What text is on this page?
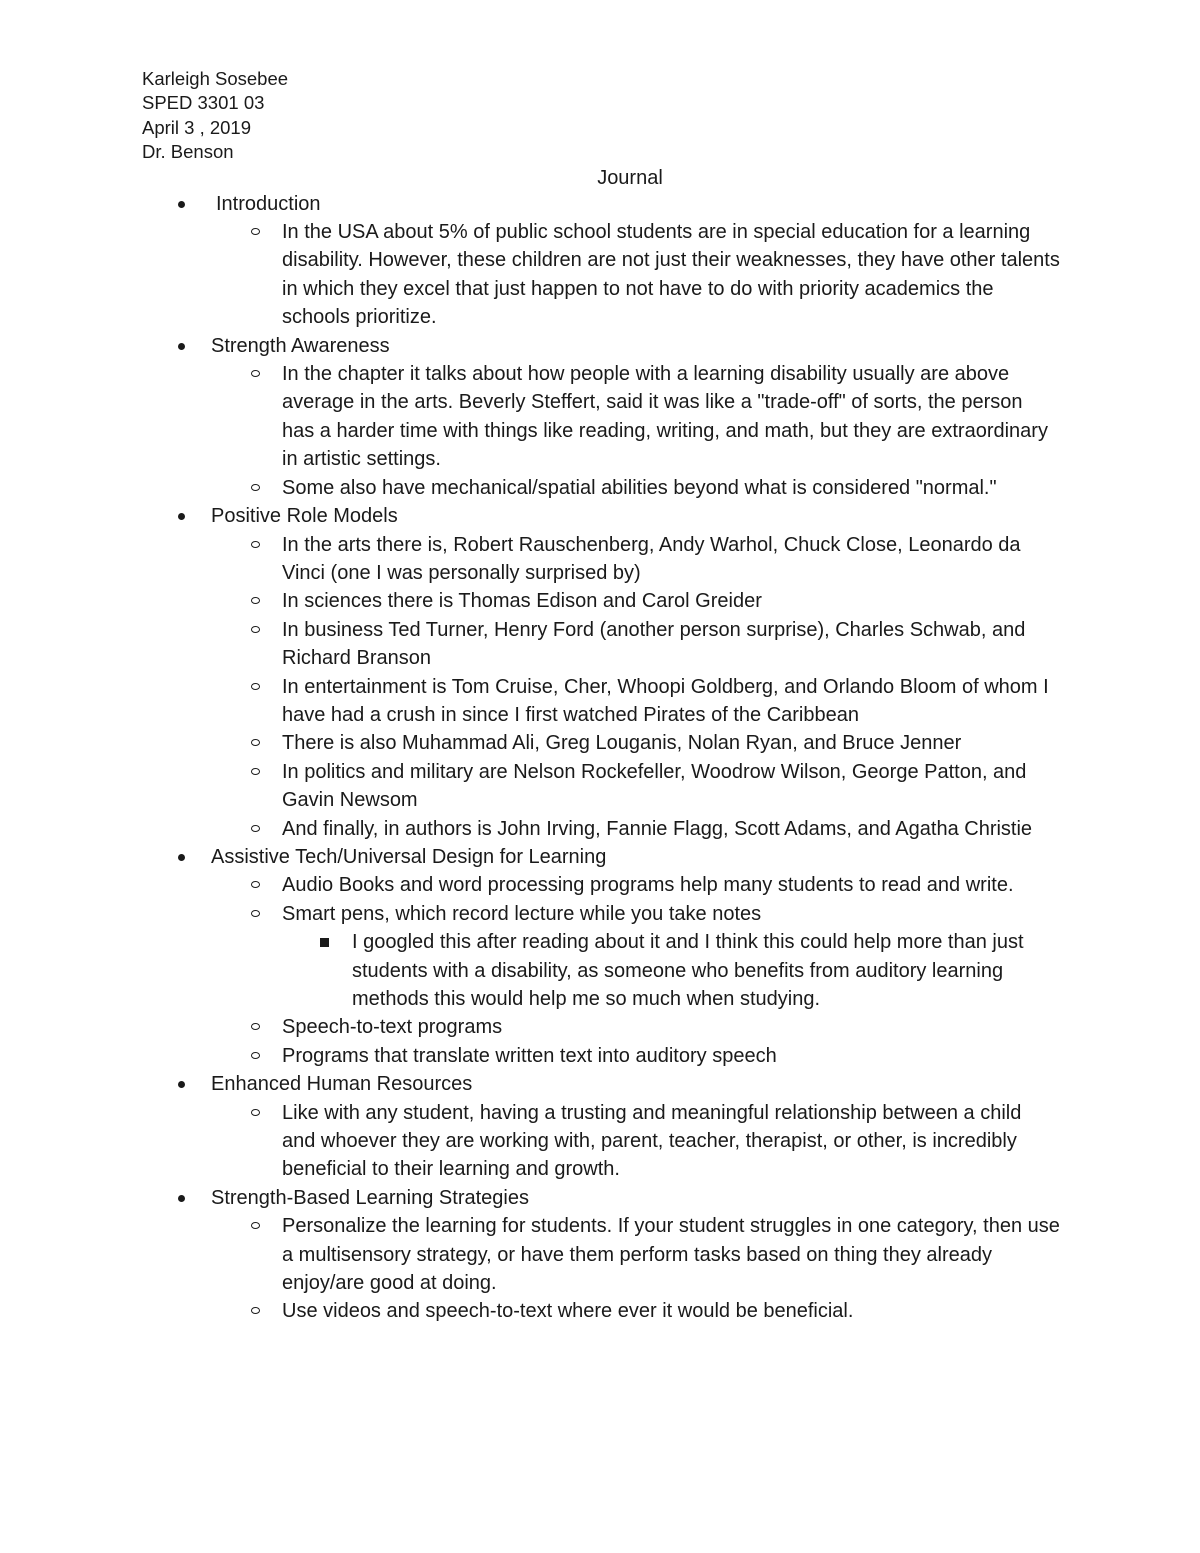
Karleigh Sosebee
SPED 3301 03
April 3 , 2019
Dr. Benson
Journal
Introduction
In the USA about 5% of public school students are in special education for a learning disability. However, these children are not just their weaknesses, they have other talents in which they excel that just happen to not have to do with priority academics the schools prioritize.
Strength Awareness
In the chapter it talks about how people with a learning disability usually are above average in the arts. Beverly Steffert, said it was like a "trade-off" of sorts, the person has a harder time with things like reading, writing, and math, but they are extraordinary in artistic settings.
Some also have mechanical/spatial abilities beyond what is considered "normal."
Positive Role Models
In the arts there is, Robert Rauschenberg, Andy Warhol, Chuck Close, Leonardo da Vinci (one I was personally surprised by)
In sciences there is Thomas Edison and Carol Greider
In business Ted Turner, Henry Ford (another person surprise), Charles Schwab, and Richard Branson
In entertainment is Tom Cruise, Cher, Whoopi Goldberg, and Orlando Bloom of whom I have had a crush in since I first watched Pirates of the Caribbean
There is also Muhammad Ali, Greg Louganis, Nolan Ryan, and Bruce Jenner
In politics and military are Nelson Rockefeller, Woodrow Wilson, George Patton, and Gavin Newsom
And finally, in authors is John Irving, Fannie Flagg, Scott Adams, and Agatha Christie
Assistive Tech/Universal Design for Learning
Audio Books and word processing programs help many students to read and write.
Smart pens, which record lecture while you take notes
I googled this after reading about it and I think this could help more than just students with a disability, as someone who benefits from auditory learning methods this would help me so much when studying.
Speech-to-text programs
Programs that translate written text into auditory speech
Enhanced Human Resources
Like with any student, having a trusting and meaningful relationship between a child and whoever they are working with, parent, teacher, therapist, or other, is incredibly beneficial to their learning and growth.
Strength-Based Learning Strategies
Personalize the learning for students. If your student struggles in one category, then use a multisensory strategy, or have them perform tasks based on thing they already enjoy/are good at doing.
Use videos and speech-to-text where ever it would be beneficial.
